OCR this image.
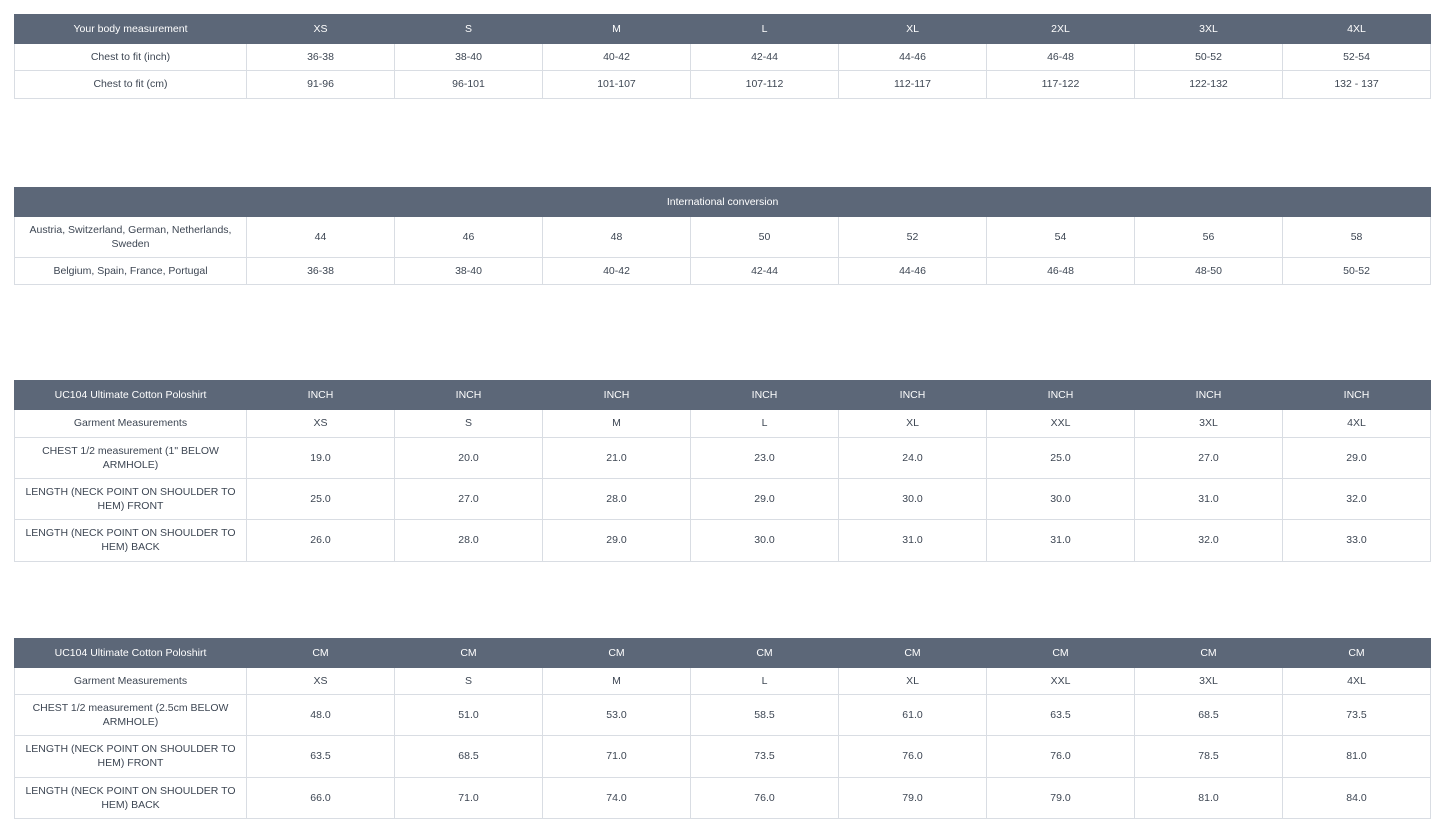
Your body measurement	XS	S	M	L	XL	2XL	3XL	4XL
Chest to fit (inch)	36-38	38-40	40-42	42-44	44-46	46-48	50-52	52-54
Chest to fit (cm)	91-96	96-101	101-107	107-112	112-117	117-122	122-132	132 - 137
International conversion								
Austria, Switzerland, German, Netherlands, Sweden	44	46	48	50	52	54	56	58
Belgium, Spain, France, Portugal	36-38	38-40	40-42	42-44	44-46	46-48	48-50	50-52
UC104 Ultimate Cotton Poloshirt	INCH	INCH	INCH	INCH	INCH	INCH	INCH	INCH
Garment Measurements	XS	S	M	L	XL	XXL	3XL	4XL
CHEST 1/2 measurement (1" BELOW ARMHOLE)	19.0	20.0	21.0	23.0	24.0	25.0	27.0	29.0
LENGTH (NECK POINT ON SHOULDER TO HEM) FRONT	25.0	27.0	28.0	29.0	30.0	30.0	31.0	32.0
LENGTH (NECK POINT ON SHOULDER TO HEM) BACK	26.0	28.0	29.0	30.0	31.0	31.0	32.0	33.0
UC104 Ultimate Cotton Poloshirt	CM	CM	CM	CM	CM	CM	CM	CM
Garment Measurements	XS	S	M	L	XL	XXL	3XL	4XL
CHEST 1/2 measurement (2.5cm BELOW ARMHOLE)	48.0	51.0	53.0	58.5	61.0	63.5	68.5	73.5
LENGTH (NECK POINT ON SHOULDER TO HEM) FRONT	63.5	68.5	71.0	73.5	76.0	76.0	78.5	81.0
LENGTH (NECK POINT ON SHOULDER TO HEM) BACK	66.0	71.0	74.0	76.0	79.0	79.0	81.0	84.0
